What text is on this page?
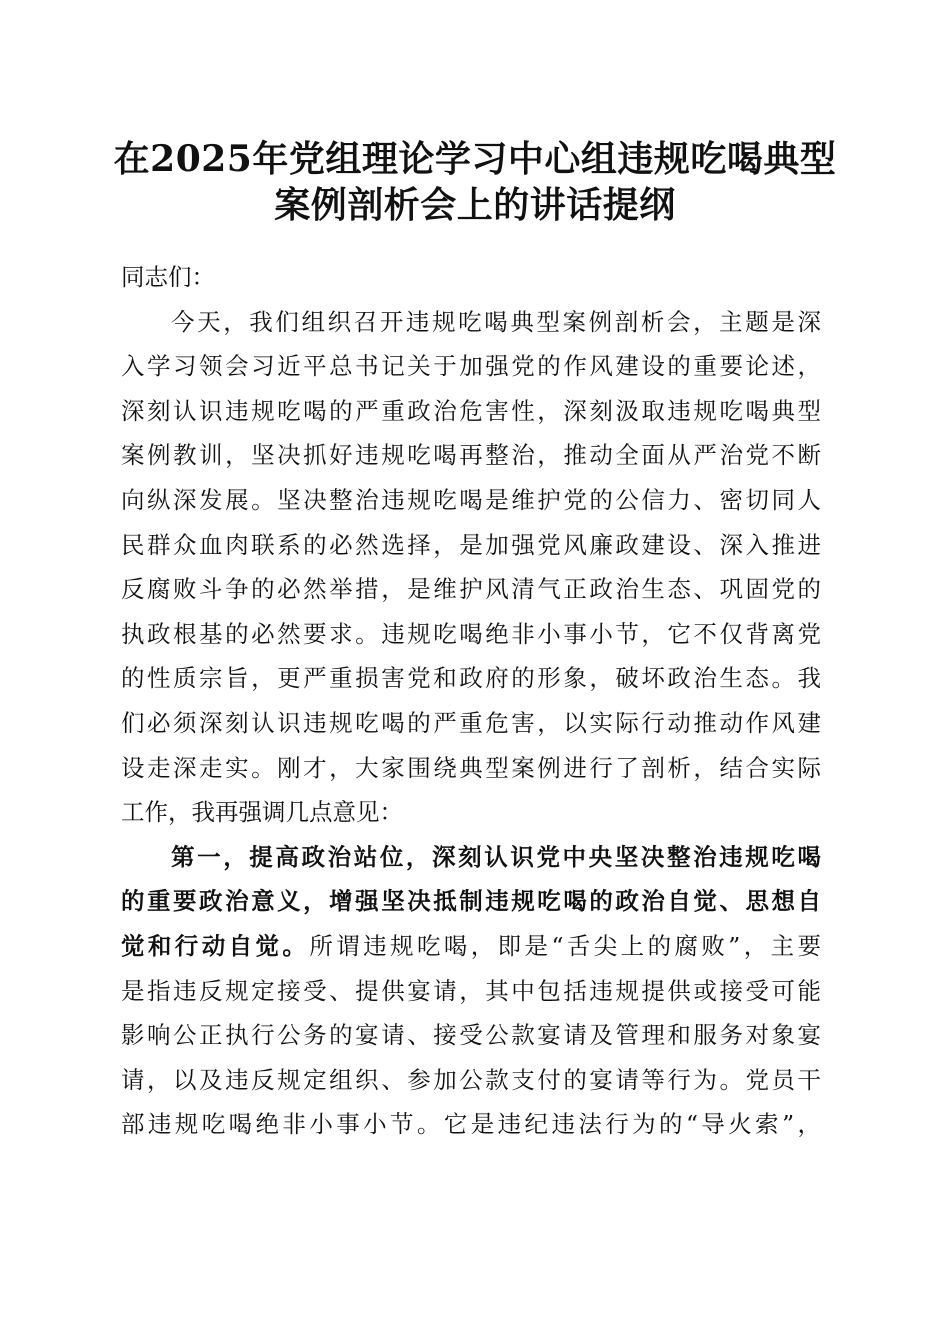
在2025年党组理论学习中心组违规吃喝典型
案例剖析会上的讲话提纲
同志们：
今天，我们组织召开违规吃喝典型案例剖析会，主题是深
入学习领会习近平总书记关于加强党的作风建设的重要论述，
深刻认识违规吃喝的严重政治危害性，深刻汲取违规吃喝典型
案例教训，坚决抓好违规吃喝再整治，推动全面从严治党不断
向纵深发展。坚决整治违规吃喝是维护党的公信力、密切同人
民群众血肉联系的必然选择，是加强党风廉政建设、深入推进
反腐败斗争的必然举措，是维护风清气正政治生态、巩固党的
执政根基的必然要求。违规吃喝绝非小事小节，它不仅背离党
的性质宗旨，更严重损害党和政府的形象，破坏政治生态。我
们必须深刻认识违规吃喝的严重危害，以实际行动推动作风建
设走深走实。刚才，大家围绕典型案例进行了剖析，结合实际
工作，我再强调几点意见：
第一，提高政治站位，深刻认识党中央坚决整治违规吃喝
的重要政治意义，增强坚决抵制违规吃喝的政治自觉、思想自
觉和行动自觉。所谓违规吃喝，即是“舌尖上的腐败”，主要
是指违反规定接受、提供宴请，其中包括违规提供或接受可能
影响公正执行公务的宴请、接受公款宴请及管理和服务对象宴
请，以及违反规定组织、参加公款支付的宴请等行为。党员干
部违规吃喝绝非小事小节。它是违纪违法行为的“导火索”，
